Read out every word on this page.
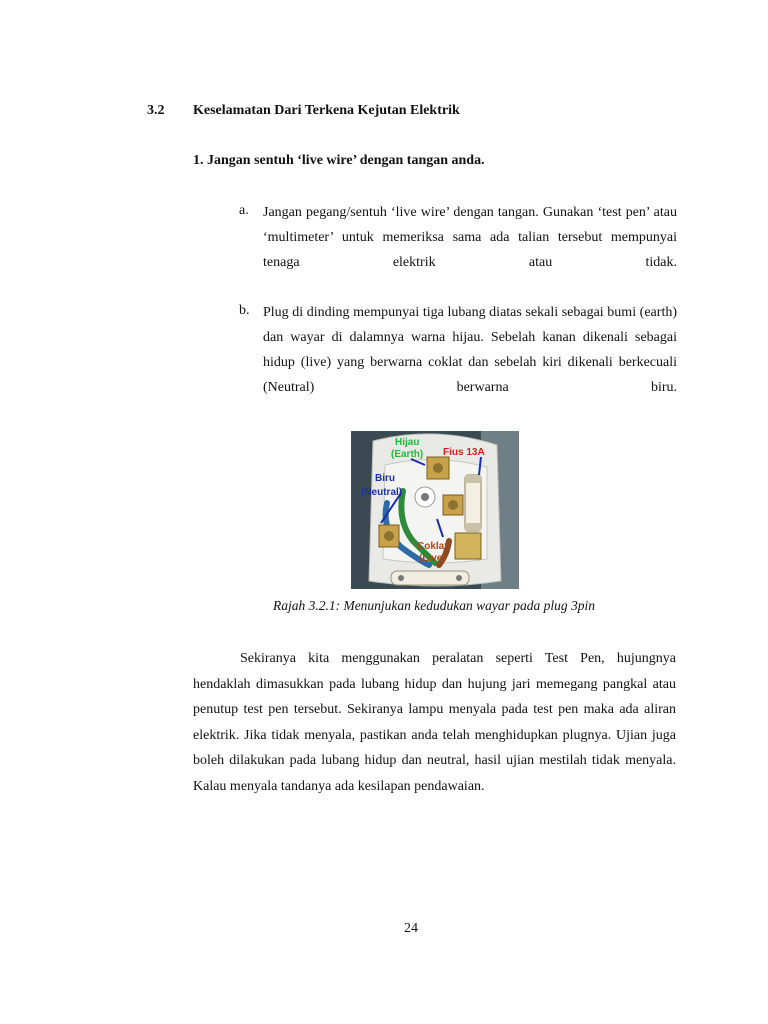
3.2 Keselamatan Dari Terkena Kejutan Elektrik
1. Jangan sentuh ‘live wire’ dengan tangan anda.
a. Jangan pegang/sentuh ‘live wire’ dengan tangan. Gunakan ‘test pen’ atau ‘multimeter’ untuk memeriksa sama ada talian tersebut mempunyai tenaga elektrik atau tidak.

b. Plug di dinding mempunyai tiga lubang diatas sekali sebagai bumi (earth) dan wayar di dalamnya warna hijau. Sebelah kanan dikenali sebagai hidup (live) yang berwarna coklat dan sebelah kiri dikenali berkecuali (Neutral) berwarna biru.

Hijau
(Earth) Fius 13A
Biru
(Neutral)
Coklat
(Live)
Rajah 3.2.1: Menunjukan kedudukan wayar pada plug 3pin

Sekiranya kita menggunakan peralatan seperti Test Pen, hujungnya hendaklah dimasukkan pada lubang hidup dan hujung jari memegang pangkal atau penutup test pen tersebut. Sekiranya lampu menyala pada test pen maka ada aliran elektrik. Jika tidak menyala, pastikan anda telah menghidupkan plugnya. Ujian juga boleh dilakukan pada lubang hidup dan neutral, hasil ujian mestilah tidak menyala. Kalau menyala tandanya ada kesilapan pendawaian.

24
